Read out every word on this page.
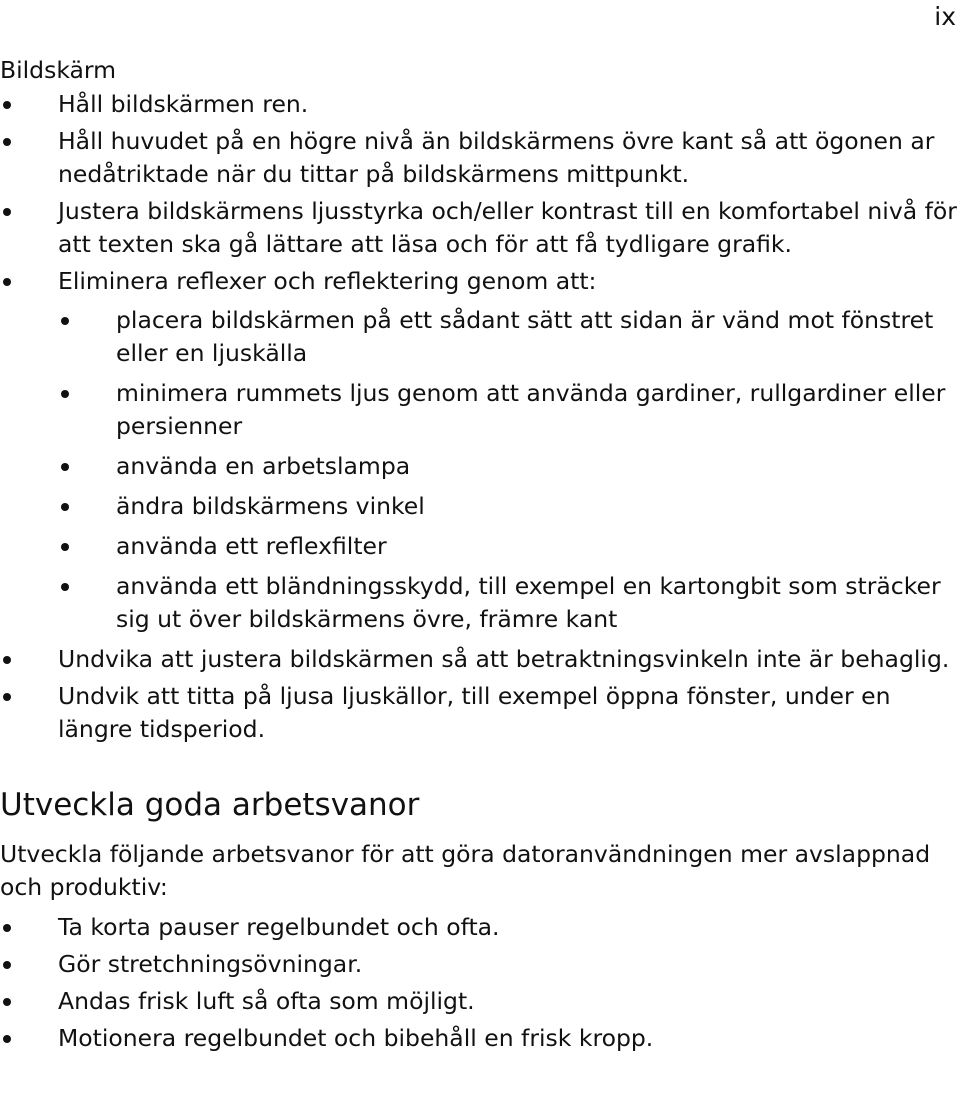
ix
Bildskärm
Håll bildskärmen ren.
Håll huvudet på en högre nivå än bildskärmens övre kant så att ögonen ar nedåtriktade när du tittar på bildskärmens mittpunkt.
Justera bildskärmens ljusstyrka och/eller kontrast till en komfortabel nivå för att texten ska gå lättare att läsa och för att få tydligare grafik.
Eliminera reflexer och reflektering genom att:
placera bildskärmen på ett sådant sätt att sidan är vänd mot fönstret eller en ljuskälla
minimera rummets ljus genom att använda gardiner, rullgardiner eller persienner
använda en arbetslampa
ändra bildskärmens vinkel
använda ett reflexfilter
använda ett bländningsskydd, till exempel en kartongbit som sträcker sig ut över bildskärmens övre, främre kant
Undvika att justera bildskärmen så att betraktningsvinkeln inte är behaglig.
Undvik att titta på ljusa ljuskällor, till exempel öppna fönster, under en längre tidsperiod.
Utveckla goda arbetsvanor

Utveckla följande arbetsvanor för att göra datoranvändningen mer avslappnad och produktiv:

Ta korta pauser regelbundet och ofta.
Gör stretchningsövningar.
Andas frisk luft så ofta som möjligt.
Motionera regelbundet och bibehåll en frisk kropp.
